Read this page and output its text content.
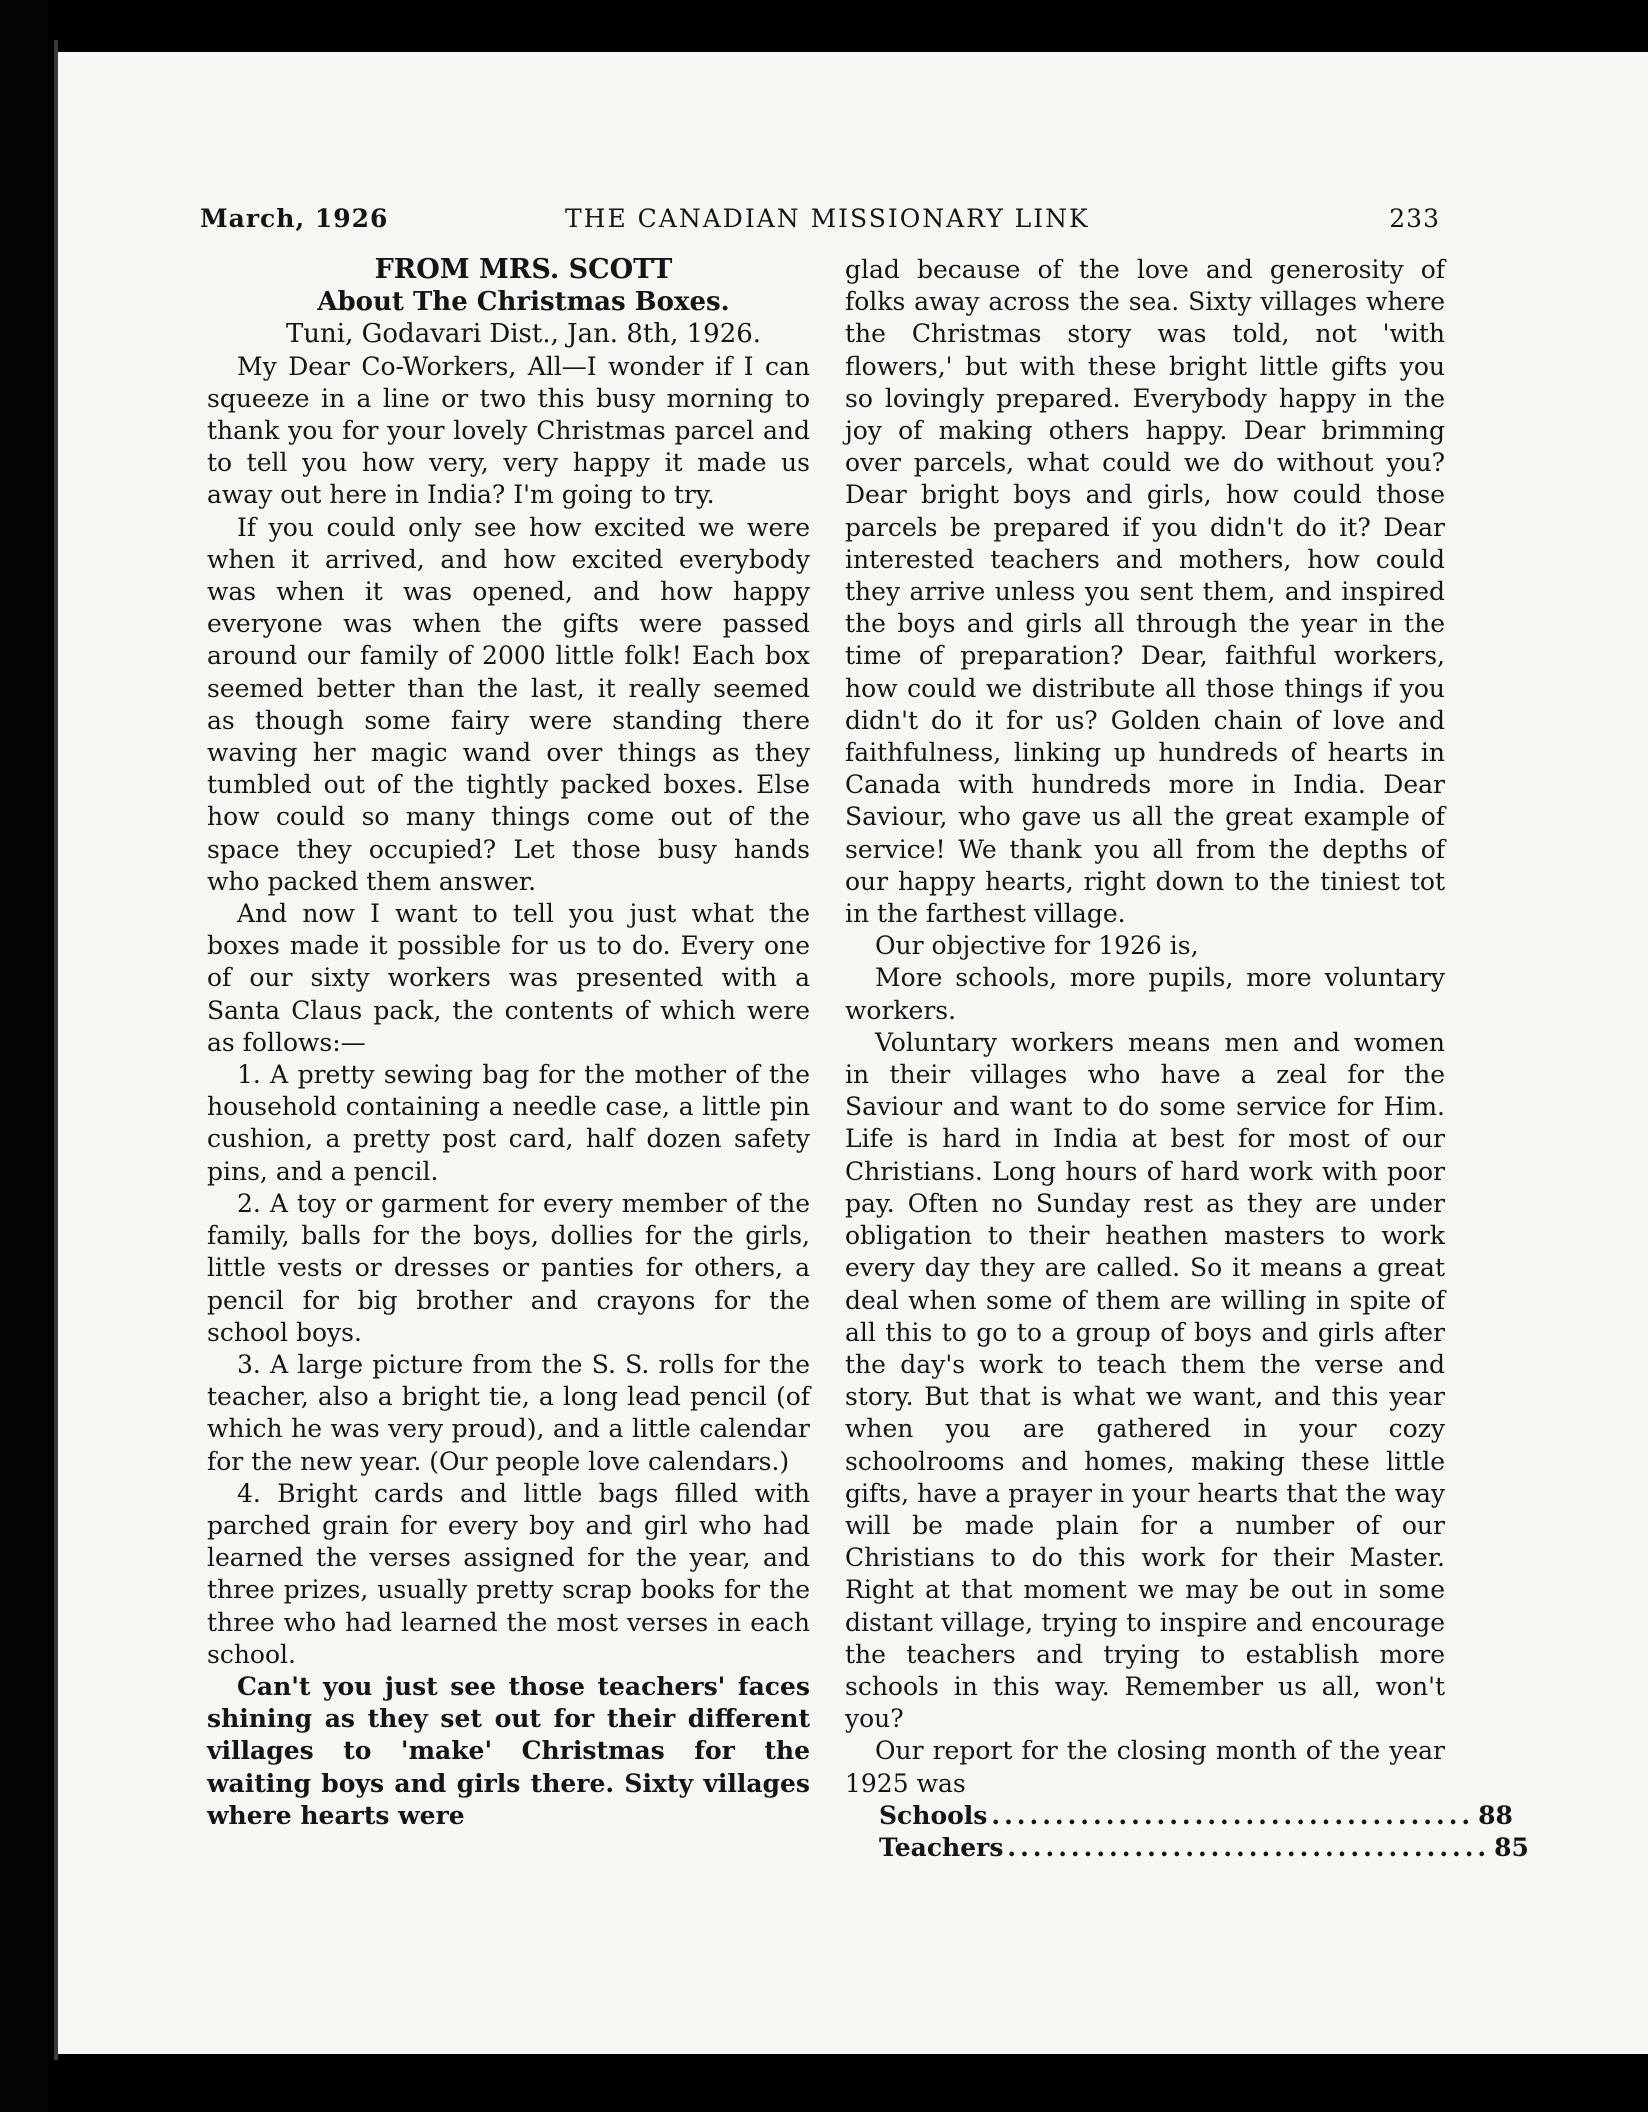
March, 1926	THE CANADIAN MISSIONARY LINK	233

FROM MRS. SCOTT

About The Christmas Boxes.

Tuni, Godavari Dist., Jan. 8th, 1926.

My Dear Co-Workers, All—I wonder if I can squeeze in a line or two this busy morning to thank you for your lovely Christmas parcel and to tell you how very, very happy it made us away out here in India? I'm going to try.

If you could only see how excited we were when it arrived, and how excited everybody was when it was opened, and how happy everyone was when the gifts were passed around our family of 2000 little folk! Each box seemed better than the last, it really seemed as though some fairy were standing there waving her magic wand over things as they tumbled out of the tightly packed boxes. Else how could so many things come out of the space they occupied? Let those busy hands who packed them answer.

And now I want to tell you just what the boxes made it possible for us to do. Every one of our sixty workers was presented with a Santa Claus pack, the contents of which were as follows:—

1. A pretty sewing bag for the mother of the household containing a needle case, a little pin cushion, a pretty post card, half dozen safety pins, and a pencil.

2. A toy or garment for every member of the family, balls for the boys, dollies for the girls, little vests or dresses or panties for others, a pencil for big brother and crayons for the school boys.

3. A large picture from the S. S. rolls for the teacher, also a bright tie, a long lead pencil (of which he was very proud), and a little calendar for the new year. (Our people love calendars.)

4. Bright cards and little bags filled with parched grain for every boy and girl who had learned the verses assigned for the year, and three prizes, usually pretty scrap books for the three who had learned the most verses in each school.

Can't you just see those teachers' faces shining as they set out for their different villages to 'make' Christmas for the waiting boys and girls there. Sixty villages where hearts were

glad because of the love and generosity of folks away across the sea. Sixty villages where the Christmas story was told, not 'with flowers,' but with these bright little gifts you so lovingly prepared. Everybody happy in the joy of making others happy. Dear brimming over parcels, what could we do without you? Dear bright boys and girls, how could those parcels be prepared if you didn't do it? Dear interested teachers and mothers, how could they arrive unless you sent them, and inspired the boys and girls all through the year in the time of preparation? Dear, faithful workers, how could we distribute all those things if you didn't do it for us? Golden chain of love and faithfulness, linking up hundreds of hearts in Canada with hundreds more in India. Dear Saviour, who gave us all the great example of service! We thank you all from the depths of our happy hearts, right down to the tiniest tot in the farthest village.

Our objective for 1926 is,

More schools, more pupils, more voluntary workers.

Voluntary workers means men and women in their villages who have a zeal for the Saviour and want to do some service for Him. Life is hard in India at best for most of our Christians. Long hours of hard work with poor pay. Often no Sunday rest as they are under obligation to their heathen masters to work every day they are called. So it means a great deal when some of them are willing in spite of all this to go to a group of boys and girls after the day's work to teach them the verse and story. But that is what we want, and this year when you are gathered in your cozy schoolrooms and homes, making these little gifts, have a prayer in your hearts that the way will be made plain for a number of our Christians to do this work for their Master. Right at that moment we may be out in some distant village, trying to inspire and encourage the teachers and trying to establish more schools in this way. Remember us all, won't you?

Our report for the closing month of the year 1925 was

Schools ...................................... 88
Teachers ...................................... 85
